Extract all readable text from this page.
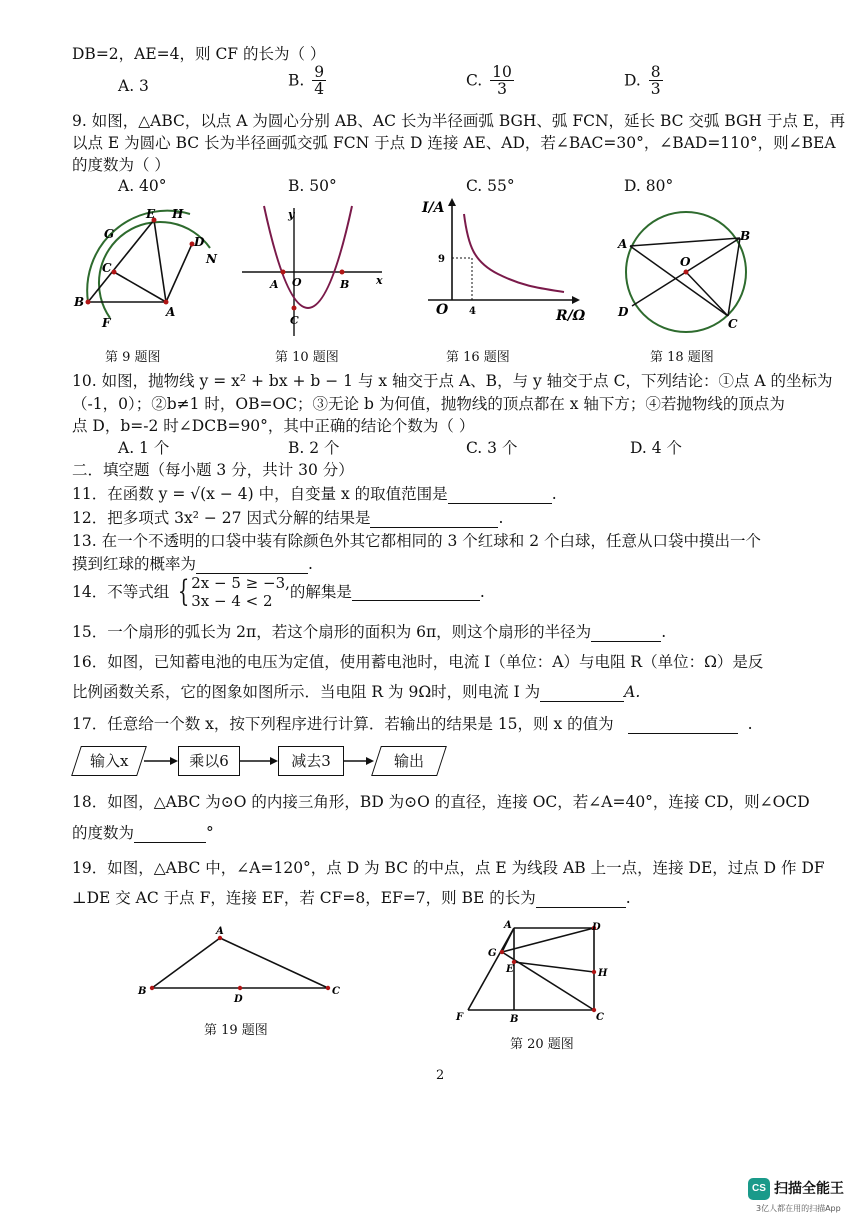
DB=2，AE=4，则 CF 的长为（ ）
A. 3	B. $\frac{9}{4}$	C. $\frac{10}{3}$	D. $\frac{8}{3}$
9. 如图，△ABC，以点 A 为圆心分别 AB、AC 长为半径画弧 BGH、弧 FCN，延长 BC 交弧 BGH 于点 E，再
以点 E 为圆心 BC 长为半径画弧交弧 FCN 于点 D 连接 AE、AD，若∠BAC=30°，∠BAD=110°，则∠BEA
的度数为（ ）
A. 40°	B. 50°	C. 55°	D. 80°
G
E H
D
N
C
B
A
F
第 9 题图
y
x
A O	B
C
第 10 题图
I/A
R/Ω
9
4
O
第 16 题图
A
B
O
D
C
第 18 题图
10. 如图，抛物线 y = x² + bx + b − 1 与 x 轴交于点 A、B，与 y 轴交于点 C，下列结论：①点 A 的坐标为
（-1，0）；②b≠1 时，OB=OC；③无论 b 为何值，抛物线的顶点都在 x 轴下方；④若抛物线的顶点为
点 D，b=-2 时∠DCB=90°，其中正确的结论个数为（ ）
A. 1 个	B. 2 个	C. 3 个	D. 4 个
二．填空题（每小题 3 分，共计 30 分）
11．在函数 y = √(x − 4) 中，自变量 x 的取值范围是	.
12．把多项式 3x² − 27 因式分解的结果是	.
13. 在一个不透明的口袋中装有除颜色外其它都相同的 3 个红球和 2 个白球，任意从口袋中摸出一个
摸到红球的概率为	.
14．不等式组 { 2x − 5 ≥ −3,
3x − 4 < 2	的解集是	.
15．一个扇形的弧长为 2π，若这个扇形的面积为 6π，则这个扇形的半径为	.
16．如图，已知蓄电池的电压为定值，使用蓄电池时，电流 I（单位：A）与电阻 R（单位：Ω）是反
比例函数关系，它的图象如图所示．当电阻 R 为 9Ω时，则电流 I 为	A.
17．任意给一个数 x，按下列程序进行计算．若输出的结果是 15，则 x 的值为	.
输入x	乘以6	减去3	输出
18．如图，△ABC 为⊙O 的内接三角形，BD 为⊙O 的直径，连接 OC，若∠A=40°，连接 CD，则∠OCD
的度数为	°
19．如图，△ABC 中，∠A=120°，点 D 为 BC 的中点，点 E 为线段 AB 上一点，连接 DE，过点 D 作 DF
⊥DE 交 AC 于点 F，连接 EF，若 CF=8，EF=7，则 BE 的长为	.
A
B
D
C
第 19 题图
A	D
G
E	H
F	B	C
第 20 题图
2
CS 扫描全能王
3亿人都在用的扫描App
